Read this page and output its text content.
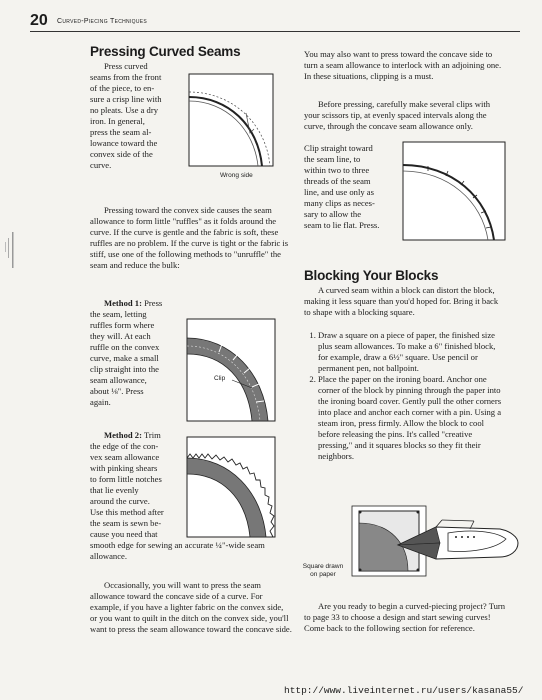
20 Curved-Piecing Techniques
Pressing Curved Seams

Press curved

seams from the front

of the piece, to en-

sure a crisp line with

no pleats. Use a dry

iron. In general,

press the seam al-

lowance toward the

convex side of the

curve.

Wrong side

Pressing toward the convex side causes the seam allowance to form little "ruffles" as it folds around the curve. If the curve is gentle and the fabric is soft, these ruffles are no problem. If the curve is tight or the fabric is stiff, use one of the following methods to "unruffle" the seam and reduce the bulk:

Method 1: Press

the seam, letting

ruffles form where

they will. At each

ruffle on the convex

curve, make a small

clip straight into the

seam allowance,

about ⅛". Press

again.

Clip

Method 2: Trim

the edge of the con-

vex seam allowance

with pinking shears

to form little notches

that lie evenly

around the curve.

Use this method after

the seam is sewn be-

cause you need that

smooth edge for sewing an accurate ¼"-wide seam allowance.

Occasionally, you will want to press the seam allowance toward the concave side of a curve. For example, if you have a lighter fabric on the convex side, or you want to quilt in the ditch on the convex side, you'll want to press the seam allowance toward the concave side.

You may also want to press toward the concave side to turn a seam allowance to interlock with an adjoining one. In these situations, clipping is a must.

Before pressing, carefully make several clips with your scissors tip, at evenly spaced intervals along the curve, through the concave seam allowance only.

Clip straight toward

the seam line, to

within two to three

threads of the seam

line, and use only as

many clips as neces-

sary to allow the

seam to lie flat. Press.

Blocking Your Blocks

A curved seam within a block can distort the block, making it less square than you'd hoped for. Bring it back to shape with a blocking square.

1. Draw a square on a piece of paper, the finished size plus seam allowances. To make a 6" finished block, for example, draw a 6½" square. Use pencil or permanent pen, not ballpoint.
2. Place the paper on the ironing board. Anchor one corner of the block by pinning through the paper into the ironing board cover. Gently pull the other corners into place and anchor each corner with a pin. Using a steam iron, press firmly. Allow the block to cool before releasing the pins. It's called "creative pressing," and it squares blocks so they fit their neighbors.
Square drawn
on paper

Are you ready to begin a curved-piecing project? Turn to page 33 to choose a design and start sewing curves! Come back to the following section for reference.

http://www.liveinternet.ru/users/kasana55/
